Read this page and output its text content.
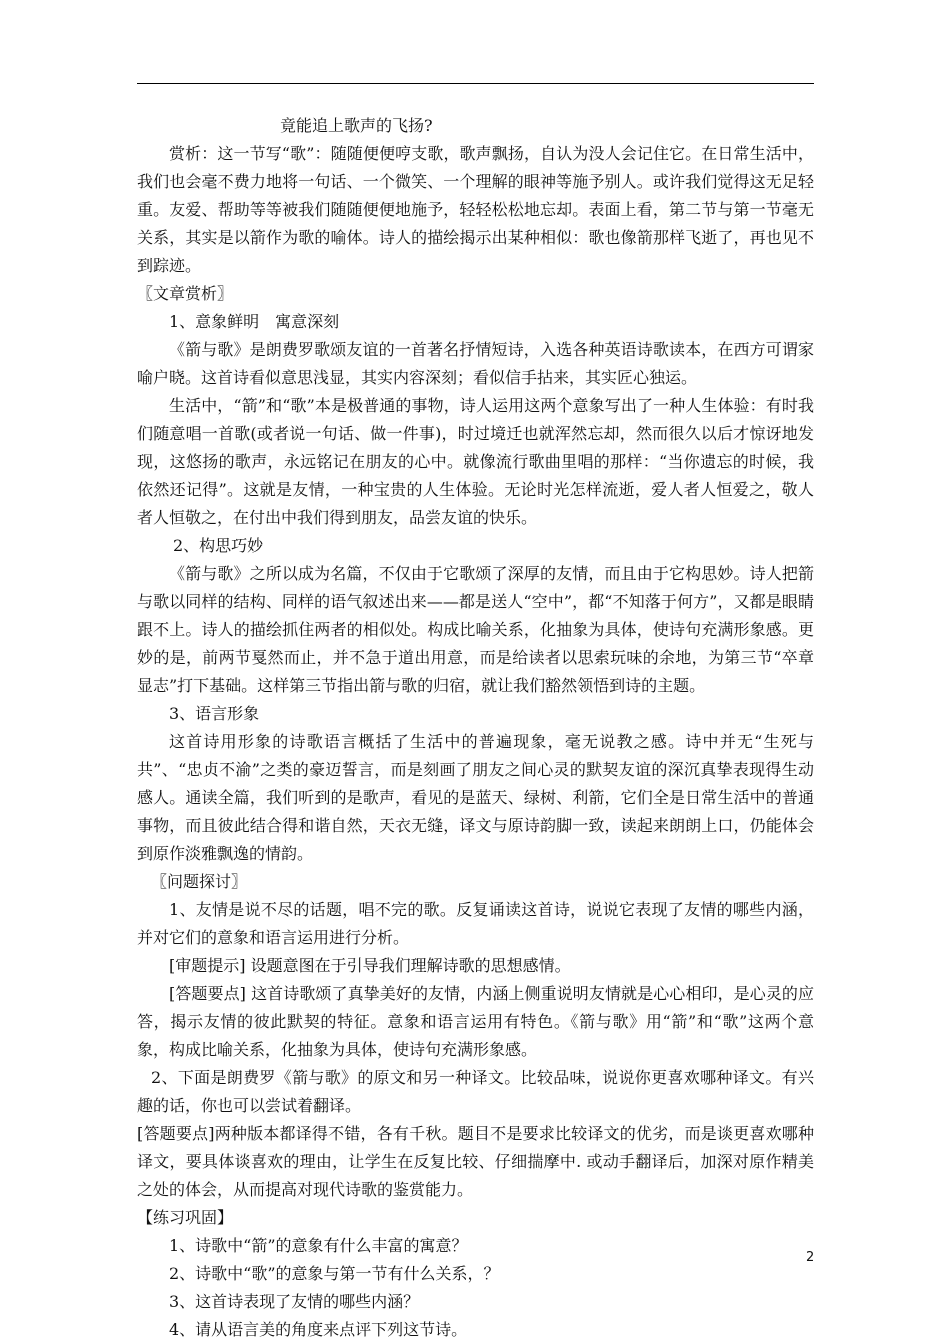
竟能追上歌声的飞扬?

赏析：这一节写“歌”：随随便便哼支歌，歌声飘扬，自认为没人会记住它。在日常生活中，我们也会毫不费力地将一句话、一个微笑、一个理解的眼神等施予别人。或许我们觉得这无足轻重。友爱、帮助等等被我们随随便便地施予，轻轻松松地忘却。表面上看，第二节与第一节毫无关系，其实是以箭作为歌的喻体。诗人的描绘揭示出某种相似：歌也像箭那样飞逝了，再也见不到踪迹。

〖文章赏析〗

1、意象鲜明　寓意深刻

《箭与歌》是朗费罗歌颂友谊的一首著名抒情短诗，入选各种英语诗歌读本，在西方可谓家喻户晓。这首诗看似意思浅显，其实内容深刻；看似信手拈来，其实匠心独运。

生活中，“箭”和“歌”本是极普通的事物，诗人运用这两个意象写出了一种人生体验：有时我们随意唱一首歌(或者说一句话、做一件事)，时过境迁也就浑然忘却，然而很久以后才惊讶地发现，这悠扬的歌声，永远铭记在朋友的心中。就像流行歌曲里唱的那样：“当你遗忘的时候，我依然还记得”。这就是友情，一种宝贵的人生体验。无论时光怎样流逝，爱人者人恒爱之，敬人者人恒敬之，在付出中我们得到朋友，品尝友谊的快乐。

2、构思巧妙

《箭与歌》之所以成为名篇，不仅由于它歌颂了深厚的友情，而且由于它构思妙。诗人把箭与歌以同样的结构、同样的语气叙述出来——都是送人“空中”，都“不知落于何方”，又都是眼睛跟不上。诗人的描绘抓住两者的相似处。构成比喻关系，化抽象为具体，使诗句充满形象感。更妙的是，前两节戛然而止，并不急于道出用意，而是给读者以思索玩味的余地，为第三节“卒章显志”打下基础。这样第三节指出箭与歌的归宿，就让我们豁然领悟到诗的主题。

3、语言形象

这首诗用形象的诗歌语言概括了生活中的普遍现象，毫无说教之感。诗中并无“生死与共”、“忠贞不渝”之类的豪迈誓言，而是刻画了朋友之间心灵的默契友谊的深沉真挚表现得生动感人。通读全篇，我们听到的是歌声，看见的是蓝天、绿树、利箭，它们全是日常生活中的普通事物，而且彼此结合得和谐自然，天衣无缝，译文与原诗韵脚一致，读起来朗朗上口，仍能体会到原作淡雅飘逸的情韵。

〖问题探讨〗

1、友情是说不尽的话题，唱不完的歌。反复诵读这首诗，说说它表现了友情的哪些内涵，并对它们的意象和语言运用进行分析。

[审题提示] 设题意图在于引导我们理解诗歌的思想感情。

[答题要点] 这首诗歌颂了真挚美好的友情，内涵上侧重说明友情就是心心相印，是心灵的应答，揭示友情的彼此默契的特征。意象和语言运用有特色。《箭与歌》用“箭”和“歌”这两个意象，构成比喻关系，化抽象为具体，使诗句充满形象感。

2、下面是朗费罗《箭与歌》的原文和另一种译文。比较品味，说说你更喜欢哪种译文。有兴趣的话，你也可以尝试着翻译。

[答题要点]两种版本都译得不错，各有千秋。题目不是要求比较译文的优劣，而是谈更喜欢哪种译文，要具体谈喜欢的理由，让学生在反复比较、仔细揣摩中. 或动手翻译后，加深对原作精美之处的体会，从而提高对现代诗歌的鉴赏能力。

【练习巩固】

1、诗歌中“箭”的意象有什么丰富的寓意？

2、诗歌中“歌”的意象与第一节有什么关系，？

3、这首诗表现了友情的哪些内涵？

4、请从语言美的角度来点评下列这节诗。

2
